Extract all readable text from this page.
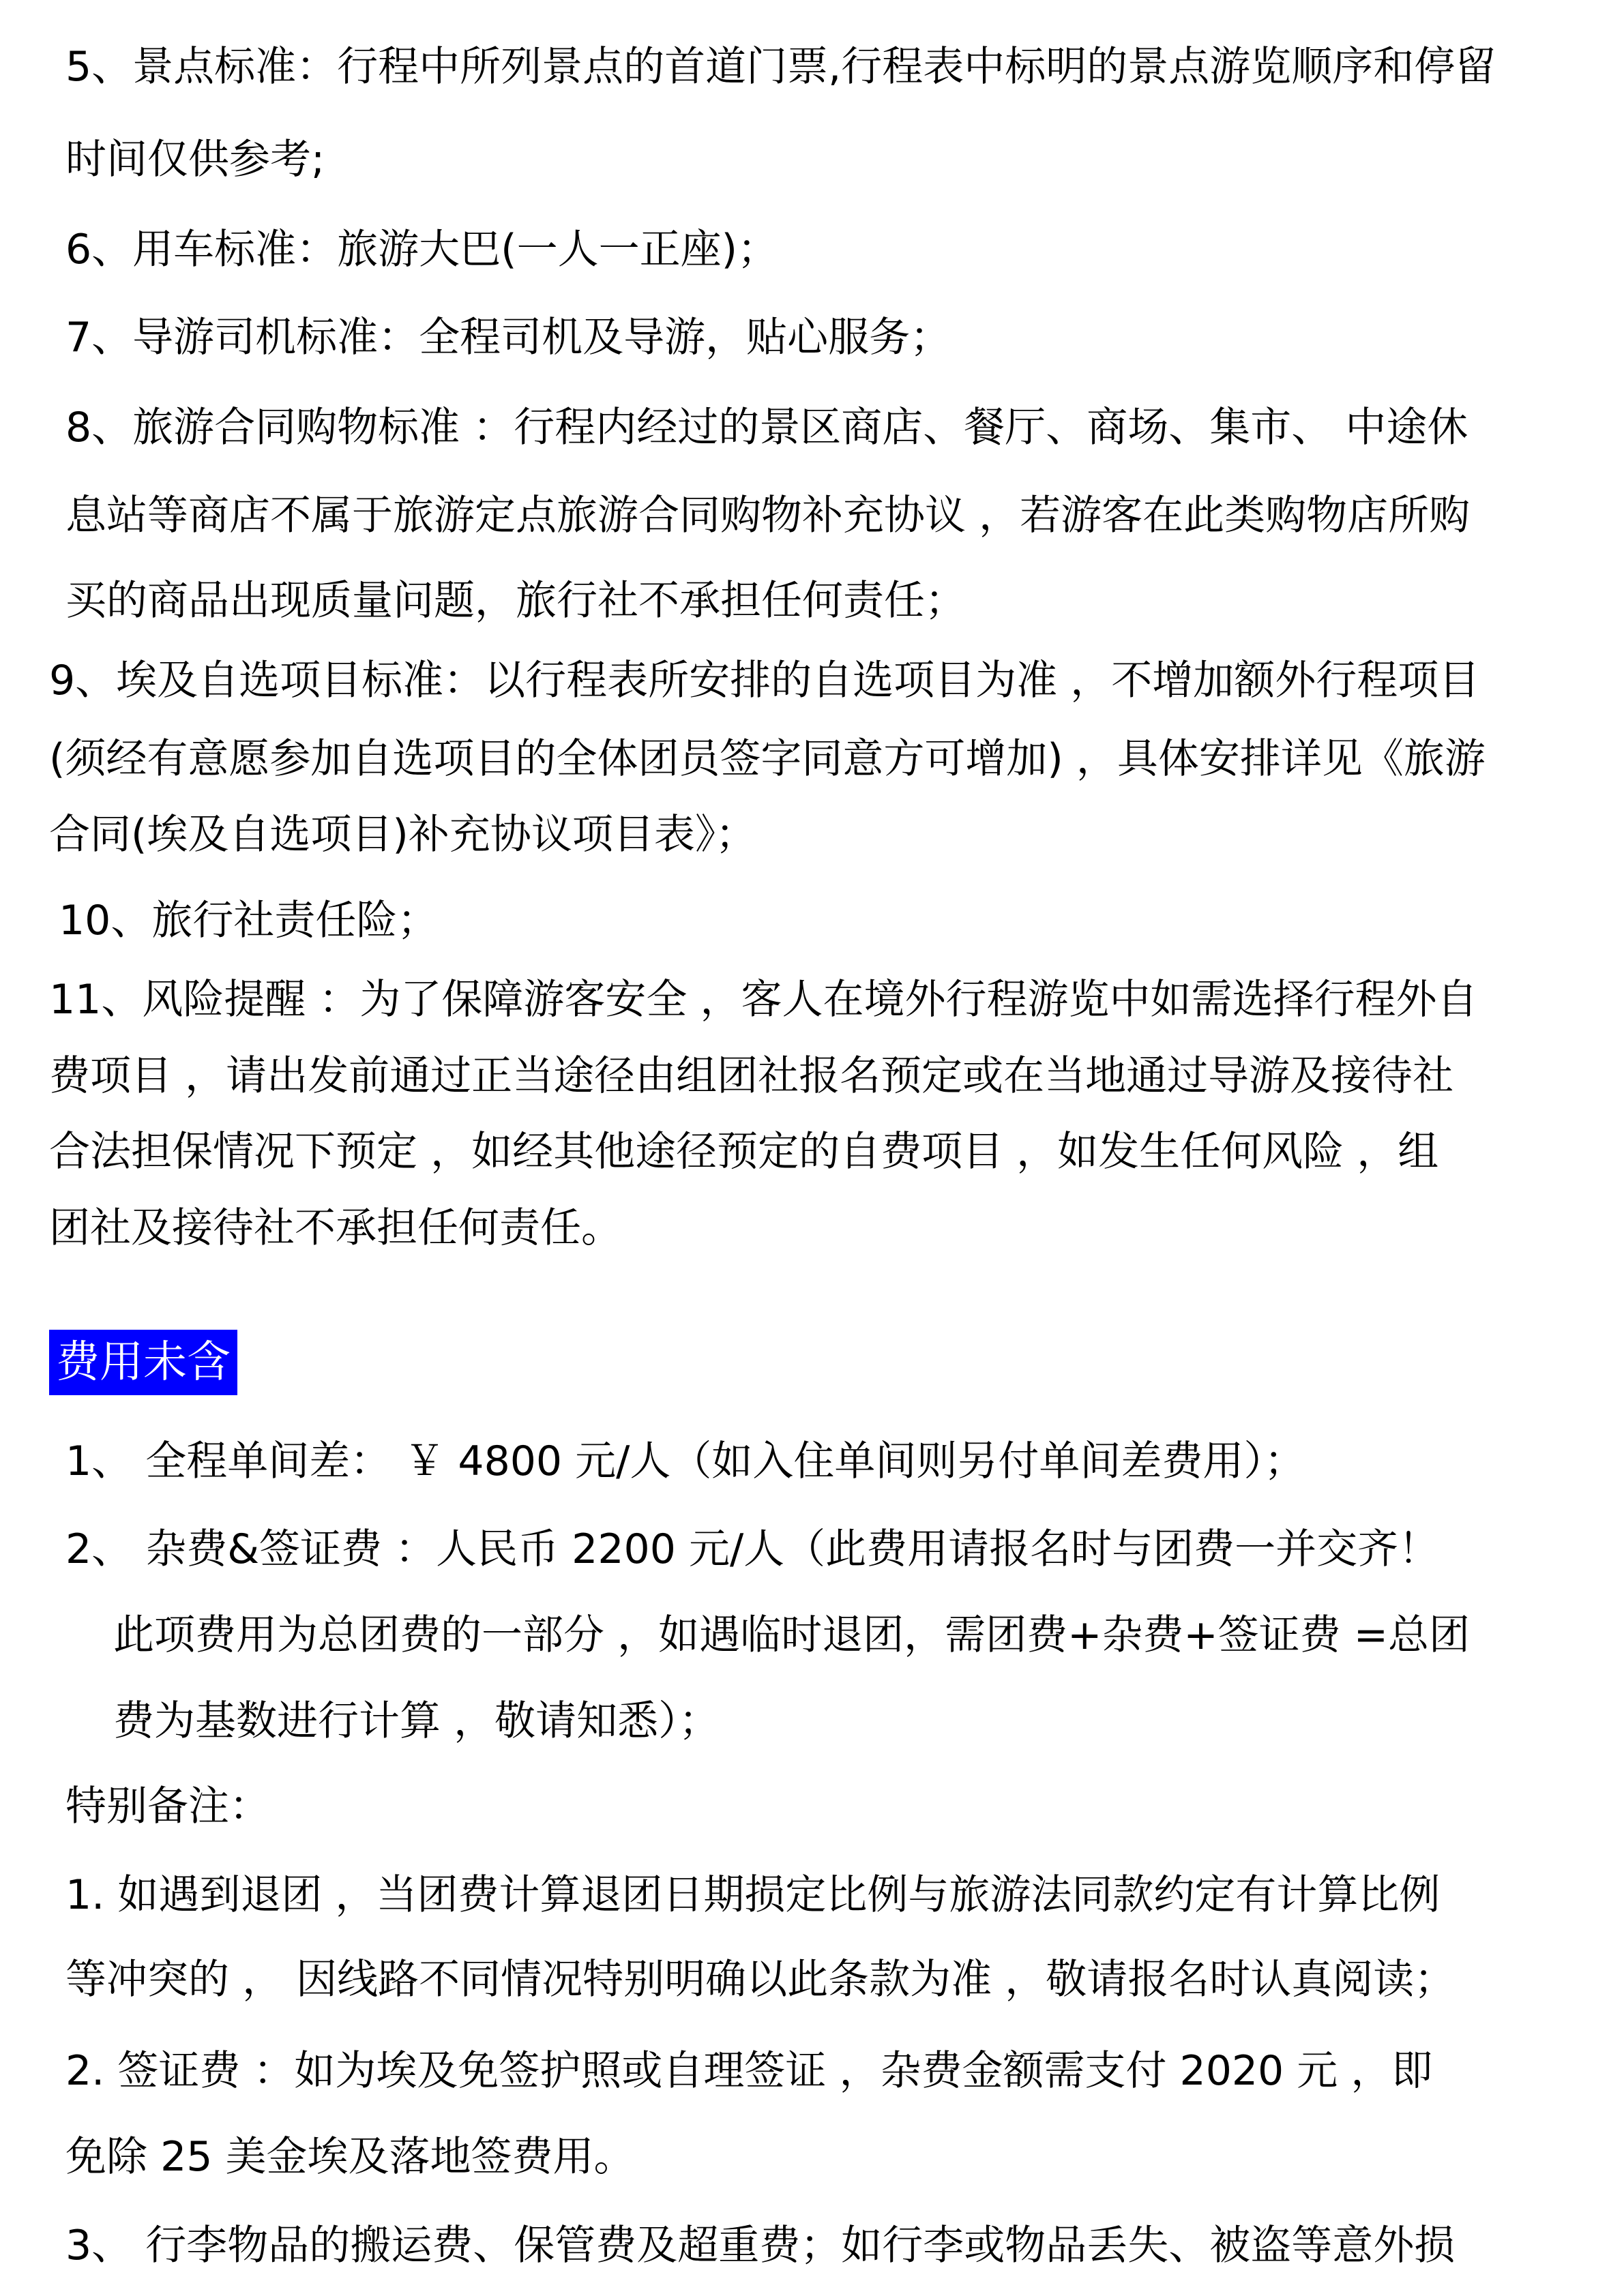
5、景点标准：行程中所列景点的首道门票,行程表中标明的景点游览顺序和停留
时间仅供参考;
6、用车标准：旅游大巴(一人一正座)；
7、导游司机标准：全程司机及导游，贴心服务；
8、旅游合同购物标准 ：行程内经过的景区商店、餐厅、商场、集市、 中途休
息站等商店不属于旅游定点旅游合同购物补充协议 ，若游客在此类购物店所购
买的商品出现质量问题，旅行社不承担任何责任；
9、埃及自选项目标准：以行程表所安排的自选项目为准 ，不增加额外行程项目
(须经有意愿参加自选项目的全体团员签字同意方可增加) ，具体安排详见《旅游
合同(埃及自选项目)补充协议项目表》；
10、旅行社责任险；
11、风险提醒 ：为了保障游客安全 ，客人在境外行程游览中如需选择行程外自
费项目 ，请出发前通过正当途径由组团社报名预定或在当地通过导游及接待社
合法担保情况下预定 ，如经其他途径预定的自费项目 ，如发生任何风险 ，组
团社及接待社不承担任何责任。
费用未含
1、 全程单间差： ￥ 4800 元/人（如入住单间则另付单间差费用）；
2、 杂费&签证费 ：人民币 2200 元/人（此费用请报名时与团费一并交齐！
此项费用为总团费的一部分 ，如遇临时退团，需团费+杂费+签证费 =总团
费为基数进行计算 ，敬请知悉）；
特别备注：
1. 如遇到退团 ，当团费计算退团日期损定比例与旅游法同款约定有计算比例
等冲突的 ， 因线路不同情况特别明确以此条款为准 ，敬请报名时认真阅读；
2. 签证费 ：如为埃及免签护照或自理签证 ，杂费金额需支付 2020 元 ，即
免除 25 美金埃及落地签费用。
3、 行李物品的搬运费、保管费及超重费；如行李或物品丢失、被盗等意外损
